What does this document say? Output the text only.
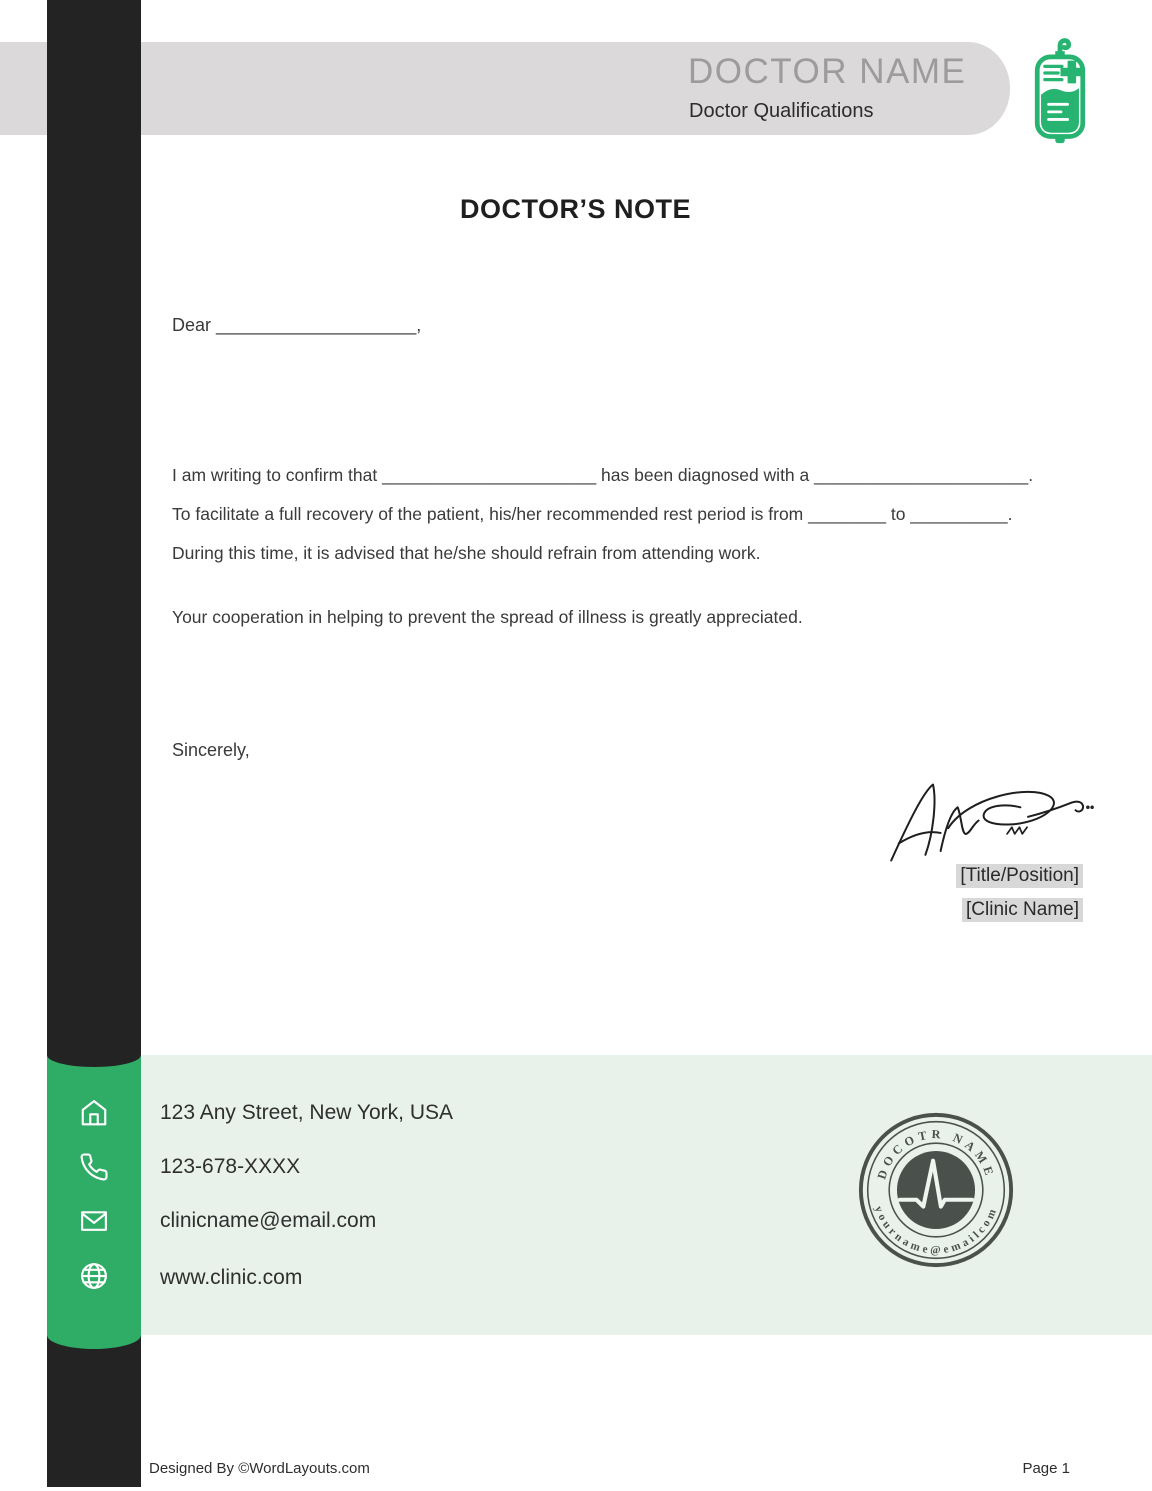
DOCTOR NAME
Doctor Qualifications
123 Any Street, New York, USA
123-678-XXXX
clinicname@email.com
www.clinic.com
DOCOTR NAME
yourname@emailcom
DOCTOR’S NOTE
Dear ____________________,
I am writing to confirm that ______________________ has been diagnosed with a ______________________.
To facilitate a full recovery of the patient, his/her recommended rest period is from ________ to __________.
During this time, it is advised that he/she should refrain from attending work.
Your cooperation in helping to prevent the spread of illness is greatly appreciated.
Sincerely,
[Title/Position]
[Clinic Name]
Designed By ©WordLayouts.com	Page 1
